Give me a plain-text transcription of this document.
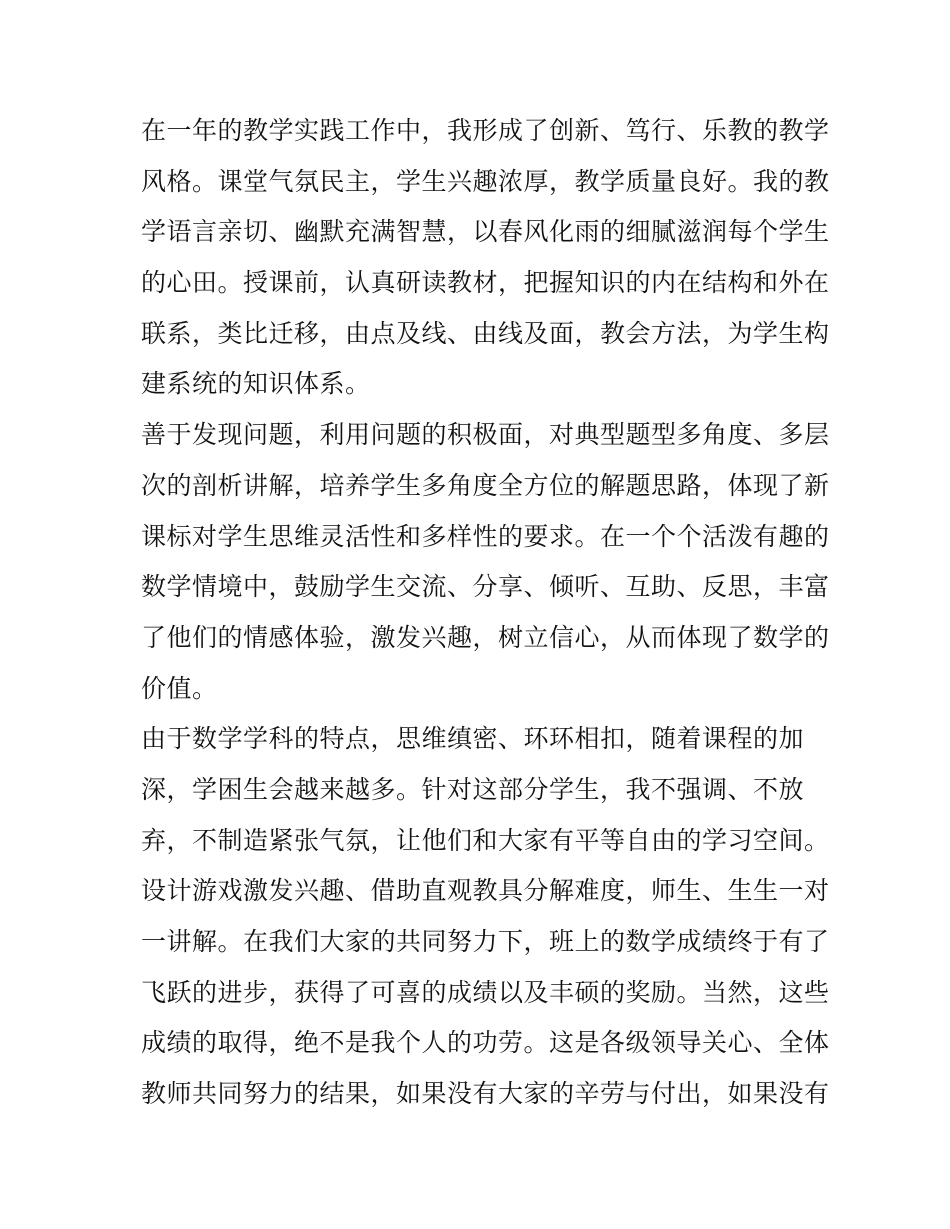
在一年的教学实践工作中，我形成了创新、笃行、乐教的教学
风格。课堂气氛民主，学生兴趣浓厚，教学质量良好。我的教
学语言亲切、幽默充满智慧，以春风化雨的细腻滋润每个学生
的心田。授课前，认真研读教材，把握知识的内在结构和外在
联系，类比迁移，由点及线、由线及面，教会方法，为学生构
建系统的知识体系。
善于发现问题，利用问题的积极面，对典型题型多角度、多层
次的剖析讲解，培养学生多角度全方位的解题思路，体现了新
课标对学生思维灵活性和多样性的要求。在一个个活泼有趣的
数学情境中，鼓励学生交流、分享、倾听、互助、反思，丰富
了他们的情感体验，激发兴趣，树立信心，从而体现了数学的
价值。
由于数学学科的特点，思维缜密、环环相扣，随着课程的加
深，学困生会越来越多。针对这部分学生，我不强调、不放
弃，不制造紧张气氛，让他们和大家有平等自由的学习空间。
设计游戏激发兴趣、借助直观教具分解难度，师生、生生一对
一讲解。在我们大家的共同努力下，班上的数学成绩终于有了
飞跃的进步，获得了可喜的成绩以及丰硕的奖励。当然，这些
成绩的取得，绝不是我个人的功劳。这是各级领导关心、全体
教师共同努力的结果，如果没有大家的辛劳与付出，如果没有
